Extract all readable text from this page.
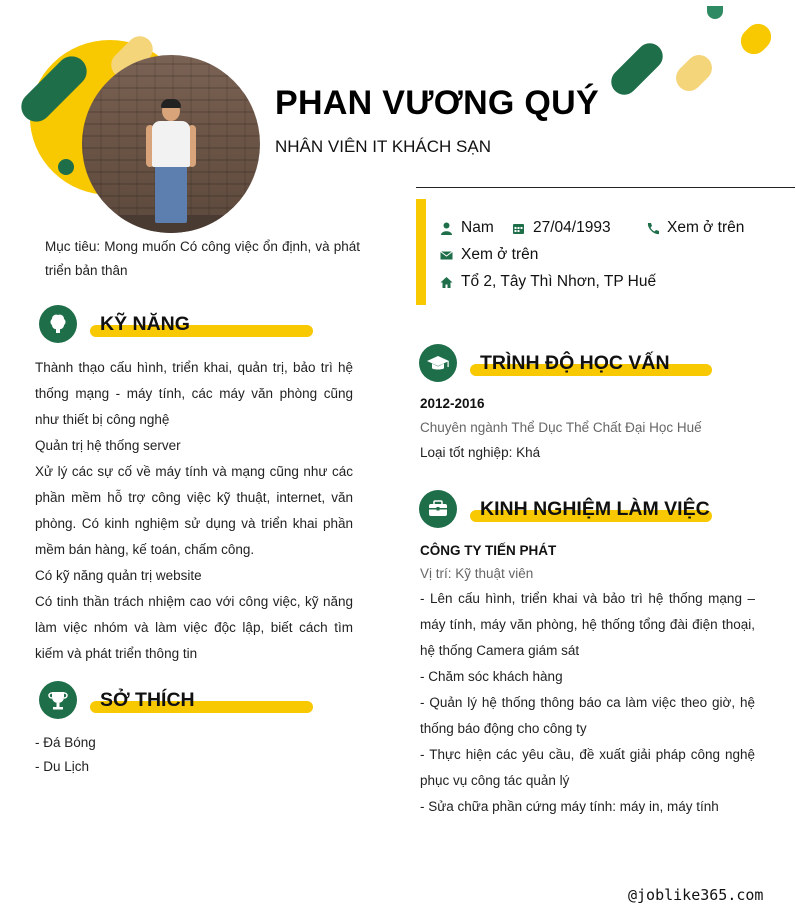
PHAN VƯƠNG QUÝ
NHÂN VIÊN IT KHÁCH SẠN
Mục tiêu: Mong muốn Có công việc ổn định, và phát triển bản thân
Nam	27/04/1993	Xem ở trên
Xem ở trên
Tổ 2, Tây Thì Nhơn, TP Huế
KỸ NĂNG

Thành thạo cấu hình, triển khai, quản trị, bảo trì hệ thống mạng - máy tính, các máy văn phòng cũng như thiết bị công nghệ

Quản trị hệ thống server

Xử lý các sự cố về máy tính và mạng cũng như các phần mềm hỗ trợ công việc kỹ thuật, internet, văn phòng. Có kinh nghiệm sử dụng và triển khai phần mềm bán hàng, kế toán, chấm công.

Có kỹ năng quản trị website

Có tinh thần trách nhiệm cao với công việc, kỹ năng làm việc nhóm và làm việc độc lập, biết cách tìm kiếm và phát triển thông tin

SỞ THÍCH
- Đá Bóng
- Du Lịch
TRÌNH ĐỘ HỌC VẤN
2012-2016
Chuyên ngành Thể Dục Thể Chất Đại Học Huế
Loại tốt nghiệp: Khá
KINH NGHIỆM LÀM VIỆC
CÔNG TY TIẾN PHÁT
Vị trí: Kỹ thuật viên

- Lên cấu hình, triển khai và bảo trì hệ thống mạng – máy tính, máy văn phòng, hệ thống tổng đài điện thoại, hệ thống Camera giám sát

- Chăm sóc khách hàng

- Quản lý hệ thống thông báo ca làm việc theo giờ, hệ thống báo động cho công ty

- Thực hiện các yêu cầu, đề xuất giải pháp công nghệ phục vụ công tác quản lý

- Sửa chữa phần cứng máy tính: máy in, máy tính

@joblike365.com
